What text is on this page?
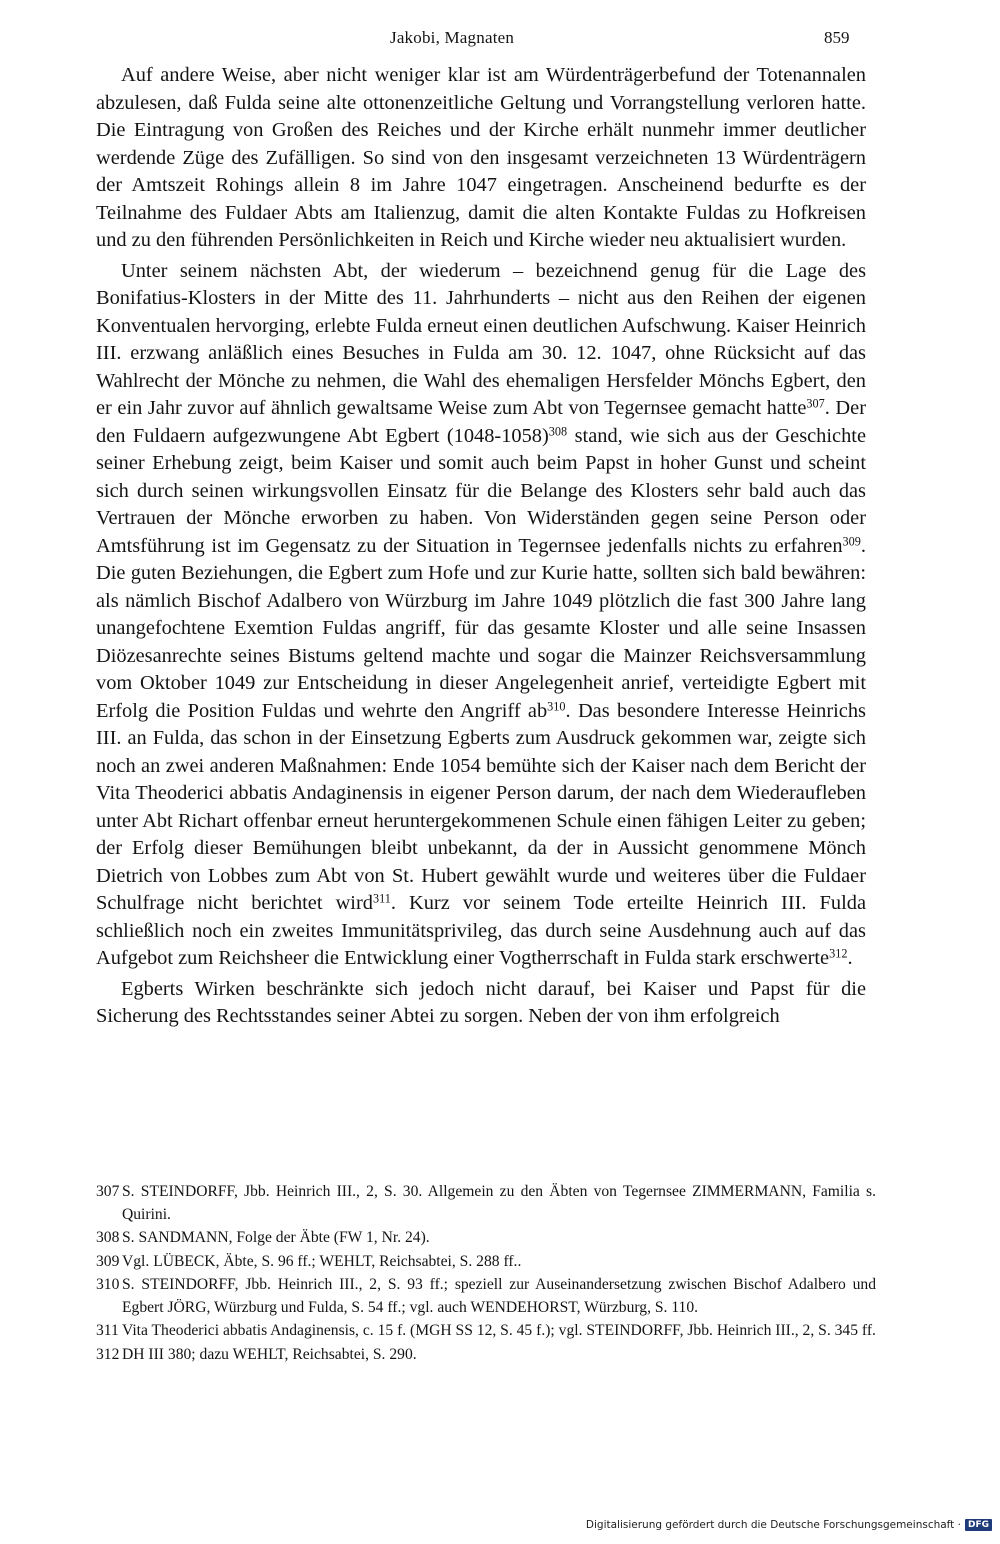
Jakobi, Magnaten	859

Auf andere Weise, aber nicht weniger klar ist am Würdenträgerbefund der Totenannalen abzulesen, daß Fulda seine alte ottonenzeitliche Geltung und Vorrangstellung verloren hatte. Die Eintragung von Großen des Reiches und der Kirche erhält nunmehr immer deutlicher werdende Züge des Zufälligen. So sind von den insgesamt verzeichneten 13 Würdenträgern der Amtszeit Rohings allein 8 im Jahre 1047 eingetragen. Anscheinend bedurfte es der Teilnahme des Fuldaer Abts am Italienzug, damit die alten Kontakte Fuldas zu Hofkreisen und zu den führenden Persönlichkeiten in Reich und Kirche wieder neu aktualisiert wurden.

Unter seinem nächsten Abt, der wiederum – bezeichnend genug für die Lage des Bonifatius-Klosters in der Mitte des 11. Jahrhunderts – nicht aus den Reihen der eigenen Konventualen hervorging, erlebte Fulda erneut einen deutlichen Aufschwung. Kaiser Heinrich III. erzwang anläßlich eines Besuches in Fulda am 30. 12. 1047, ohne Rücksicht auf das Wahlrecht der Mönche zu nehmen, die Wahl des ehemaligen Hersfelder Mönchs Egbert, den er ein Jahr zuvor auf ähnlich gewaltsame Weise zum Abt von Tegernsee gemacht hatte$^{307}$. Der den Fuldaern aufgezwungene Abt Egbert (1048-1058)$^{308}$ stand, wie sich aus der Geschichte seiner Erhebung zeigt, beim Kaiser und somit auch beim Papst in hoher Gunst und scheint sich durch seinen wirkungsvollen Einsatz für die Belange des Klosters sehr bald auch das Vertrauen der Mönche erworben zu haben. Von Widerständen gegen seine Person oder Amtsführung ist im Gegensatz zu der Situation in Tegernsee jedenfalls nichts zu erfahren$^{309}$. Die guten Beziehungen, die Egbert zum Hofe und zur Kurie hatte, sollten sich bald bewähren: als nämlich Bischof Adalbero von Würzburg im Jahre 1049 plötzlich die fast 300 Jahre lang unangefochtene Exemtion Fuldas angriff, für das gesamte Kloster und alle seine Insassen Diözesanrechte seines Bistums geltend machte und sogar die Mainzer Reichsversammlung vom Oktober 1049 zur Entscheidung in dieser Angelegenheit anrief, verteidigte Egbert mit Erfolg die Position Fuldas und wehrte den Angriff $ab^{310}$. Das besondere Interesse Heinrichs III. an Fulda, das schon in der Einsetzung Egberts zum Ausdruck gekommen war, zeigte sich noch an zwei anderen Maßnahmen: Ende 1054 bemühte sich der Kaiser nach dem Bericht der Vita Theoderici abbatis Andaginensis in eigener Person darum, der nach dem Wiederaufleben unter Abt Richart offenbar erneut heruntergekommenen Schule einen fähigen Leiter zu geben; der Erfolg dieser Bemühungen bleibt unbekannt, da der in Aussicht genommene Mönch Dietrich von Lobbes zum Abt von St. Hubert gewählt wurde und weiteres über die Fuldaer Schulfrage nicht berichtet wird$^{311}$. Kurz vor seinem Tode erteilte Heinrich III. Fulda schließlich noch ein zweites Immunitätsprivileg, das durch seine Ausdehnung auch auf das Aufgebot zum Reichsheer die Entwicklung einer Vogtherrschaft in Fulda stark erschwerte$^{312}$.

Egberts Wirken beschränkte sich jedoch nicht darauf, bei Kaiser und Papst für die Sicherung des Rechtsstandes seiner Abtei zu sorgen. Neben der von ihm erfolgreich

307 S. STEINDORFF, Jbb. Heinrich III., 2, S. 30. Allgemein zu den Äbten von Tegernsee ZIMMERMANN, Familia s. Quirini.

308 S. SANDMANN, Folge der Äbte (FW 1, Nr. 24).

309 Vgl. LÜBECK, Äbte, S. 96 ff.; WEHLT, Reichsabtei, S. 288 ff..

310 S. STEINDORFF, Jbb. Heinrich III., 2, S. 93 ff.; speziell zur Auseinandersetzung zwischen Bischof Adalbero und Egbert JÖRG, Würzburg und Fulda, S. 54 ff.; vgl. auch WENDEHORST, Würzburg, S. 110.

311 Vita Theoderici abbatis Andaginensis, c. 15 f. (MGH SS 12, S. 45 f.); vgl. STEINDORFF, Jbb. Heinrich III., 2, S. 345 ff.

312 DH III 380; dazu WEHLT, Reichsabtei, S. 290.

Digitalisierung gefördert durch die Deutsche Forschungsgemeinschaft · DFG
